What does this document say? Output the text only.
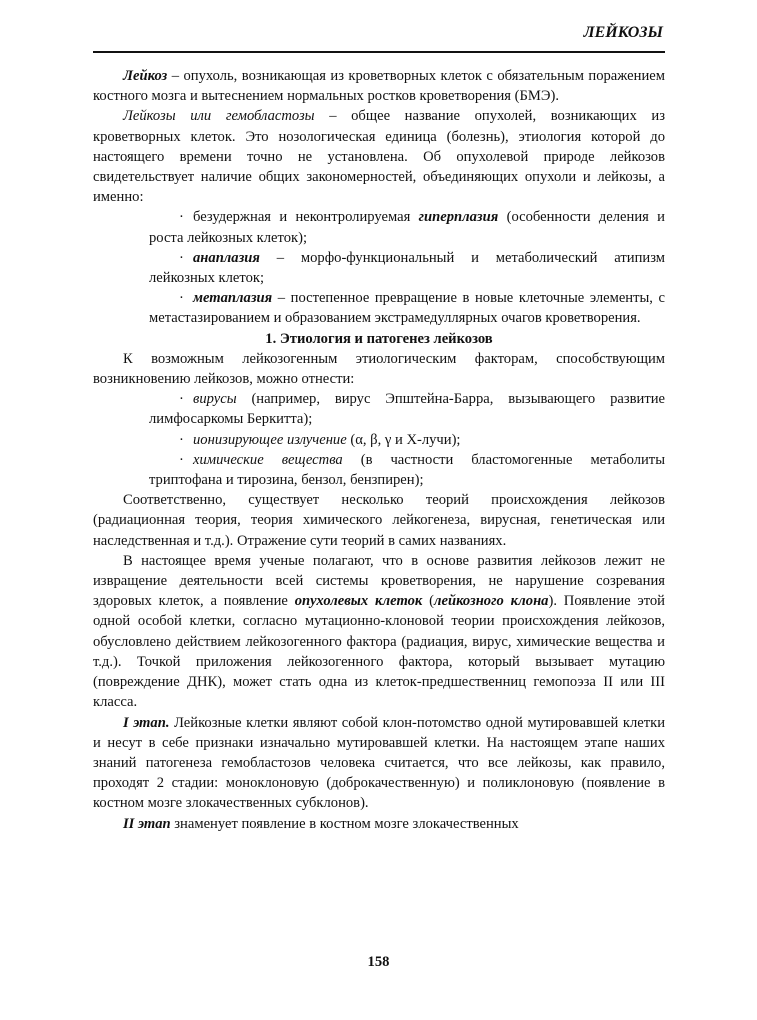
ЛЕЙКОЗЫ

Лейкоз – опухоль, возникающая из кроветворных клеток с обязательным поражением костного мозга и вытеснением нормальных ростков кроветворения (БМЭ).

Лейкозы или гемобластозы – общее название опухолей, возникающих из кроветворных клеток. Это нозологическая единица (болезнь), этиология которой до настоящего времени точно не установлена. Об опухолевой природе лейкозов свидетельствует наличие общих закономерностей, объединяющих опухоли и лейкозы, а именно:

· безудержная и неконтролируемая гиперплазия (особенности деления и роста лейкозных клеток);

· анаплазия – морфо-функциональный и метаболический атипизм лейкозных клеток;

· метаплазия – постепенное превращение в новые клеточные элементы, с метастазированием и образованием экстрамедуллярных очагов кроветворения.

1. Этиология и патогенез лейкозов

К возможным лейкозогенным этиологическим факторам, способствующим возникновению лейкозов, можно отнести:

· вирусы (например, вирус Эпштейна-Барра, вызывающего развитие лимфосаркомы Беркитта);

· ионизирующее излучение (α, β, γ и Х-лучи);

· химические вещества (в частности бластомогенные метаболиты триптофана и тирозина, бензол, бензпирен);

Соответственно, существует несколько теорий происхождения лейкозов (радиационная теория, теория химического лейкогенеза, вирусная, генетическая или наследственная и т.д.). Отражение сути теорий в самих названиях.

В настоящее время ученые полагают, что в основе развития лейкозов лежит не извращение деятельности всей системы кроветворения, не нарушение созревания здоровых клеток, а появление опухолевых клеток (лейкозного клона). Появление этой одной особой клетки, согласно мутационно-клоновой теории происхождения лейкозов, обусловлено действием лейкозогенного фактора (радиация, вирус, химические вещества и т.д.). Точкой приложения лейкозогенного фактора, который вызывает мутацию (повреждение ДНК), может стать одна из клеток-предшественниц гемопоэза II или III класса.

I этап. Лейкозные клетки являют собой клон-потомство одной мутировавшей клетки и несут в себе признаки изначально мутировавшей клетки. На настоящем этапе наших знаний патогенеза гемобластозов человека считается, что все лейкозы, как правило, проходят 2 стадии: моноклоновую (доброкачественную) и поликлоновую (появление в костном мозге злокачественных субклонов).

II этап знаменует появление в костном мозге злокачественных

158
